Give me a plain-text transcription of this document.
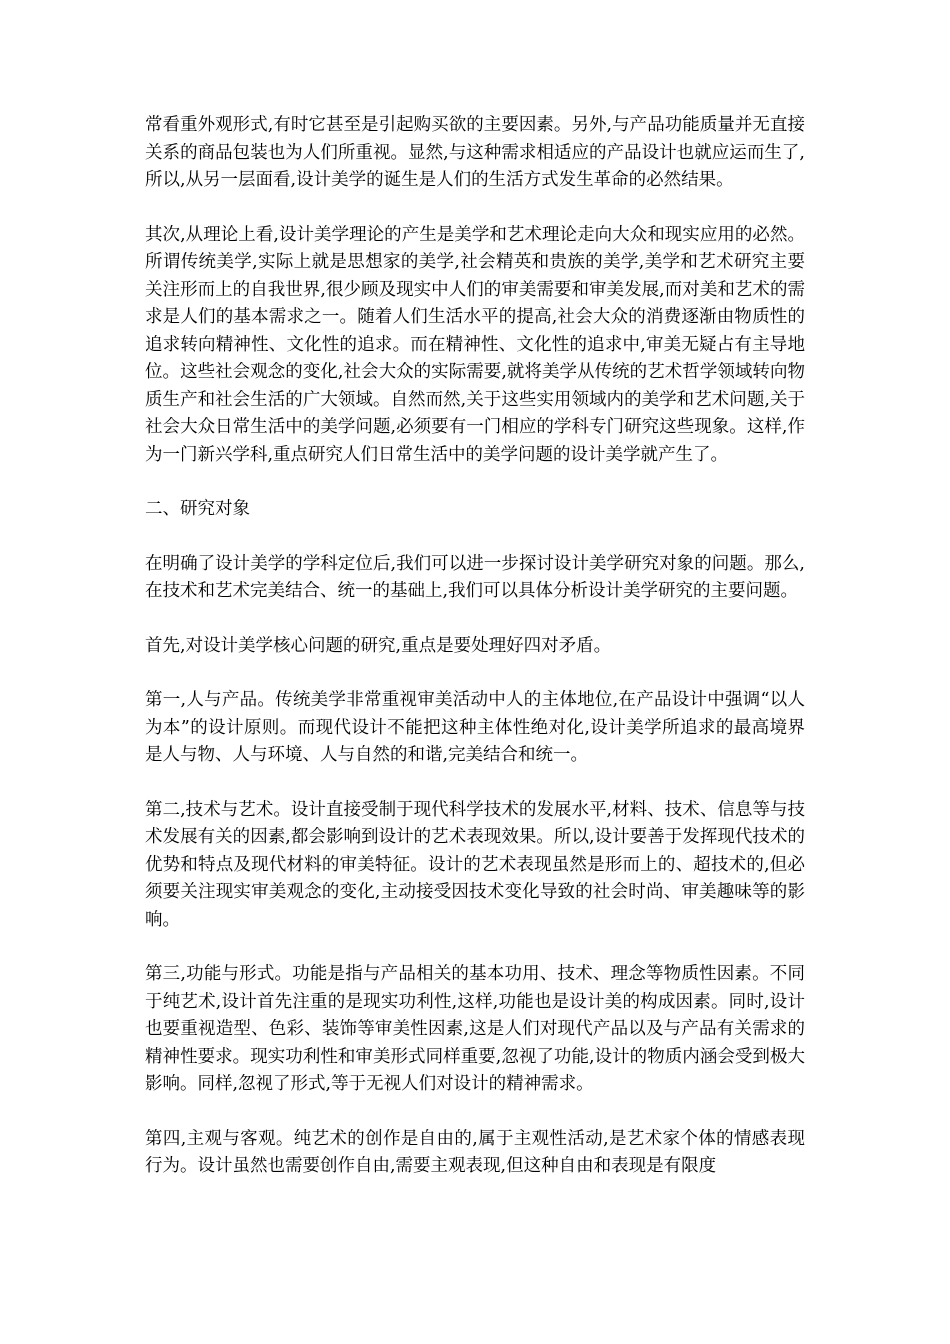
常看重外观形式,有时它甚至是引起购买欲的主要因素。另外,与产品功能质量并无直接关系的商品包装也为人们所重视。显然,与这种需求相适应的产品设计也就应运而生了,所以,从另一层面看,设计美学的诞生是人们的生活方式发生革命的必然结果。

其次,从理论上看,设计美学理论的产生是美学和艺术理论走向大众和现实应用的必然。所谓传统美学,实际上就是思想家的美学,社会精英和贵族的美学,美学和艺术研究主要关注形而上的自我世界,很少顾及现实中人们的审美需要和审美发展,而对美和艺术的需求是人们的基本需求之一。随着人们生活水平的提高,社会大众的消费逐渐由物质性的追求转向精神性、文化性的追求。而在精神性、文化性的追求中,审美无疑占有主导地位。这些社会观念的变化,社会大众的实际需要,就将美学从传统的艺术哲学领域转向物质生产和社会生活的广大领域。自然而然,关于这些实用领域内的美学和艺术问题,关于社会大众日常生活中的美学问题,必须要有一门相应的学科专门研究这些现象。这样,作为一门新兴学科,重点研究人们日常生活中的美学问题的设计美学就产生了。

二、研究对象

在明确了设计美学的学科定位后,我们可以进一步探讨设计美学研究对象的问题。那么,在技术和艺术完美结合、统一的基础上,我们可以具体分析设计美学研究的主要问题。

首先,对设计美学核心问题的研究,重点是要处理好四对矛盾。

第一,人与产品。传统美学非常重视审美活动中人的主体地位,在产品设计中强调“以人为本”的设计原则。而现代设计不能把这种主体性绝对化,设计美学所追求的最高境界是人与物、人与环境、人与自然的和谐,完美结合和统一。

第二,技术与艺术。设计直接受制于现代科学技术的发展水平,材料、技术、信息等与技术发展有关的因素,都会影响到设计的艺术表现效果。所以,设计要善于发挥现代技术的优势和特点及现代材料的审美特征。设计的艺术表现虽然是形而上的、超技术的,但必须要关注现实审美观念的变化,主动接受因技术变化导致的社会时尚、审美趣味等的影响。

第三,功能与形式。功能是指与产品相关的基本功用、技术、理念等物质性因素。不同于纯艺术,设计首先注重的是现实功利性,这样,功能也是设计美的构成因素。同时,设计也要重视造型、色彩、装饰等审美性因素,这是人们对现代产品以及与产品有关需求的精神性要求。现实功利性和审美形式同样重要,忽视了功能,设计的物质内涵会受到极大影响。同样,忽视了形式,等于无视人们对设计的精神需求。

第四,主观与客观。纯艺术的创作是自由的,属于主观性活动,是艺术家个体的情感表现行为。设计虽然也需要创作自由,需要主观表现,但这种自由和表现是有限度
